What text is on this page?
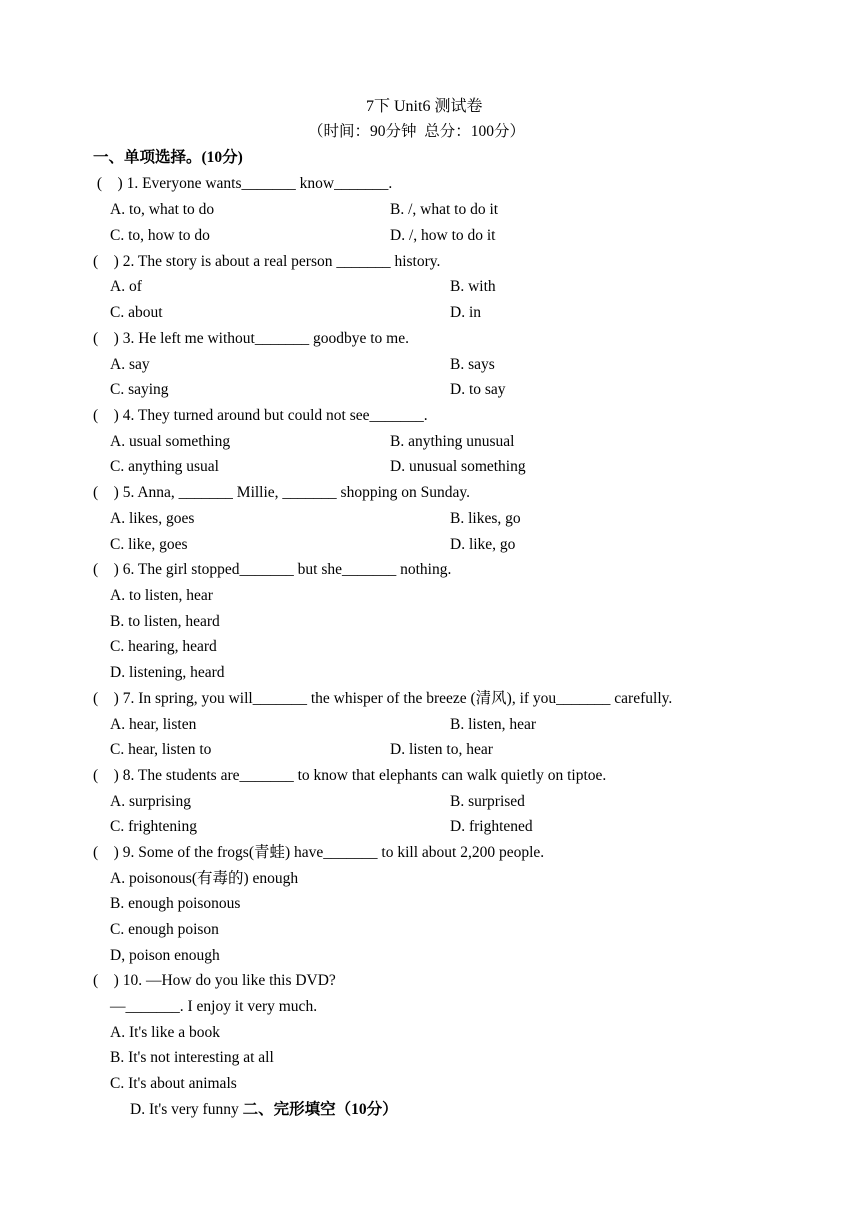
7下 Unit6 测试卷
（时间：90分钟  总分：100分）
一、单项选择。(10分)
(    ) 1. Everyone wants_______ know_______.
A. to, what to do	B. /, what to do it
C. to, how to do	D. /, how to do it
(    ) 2. The story is about a real person _______ history.
A. of	B. with
C. about	D. in
(    ) 3. He left me without_______ goodbye to me.
A. say	B. says
C. saying	D. to say
(    ) 4. They turned around but could not see_______.
A. usual something	B. anything unusual
C. anything usual	D. unusual something
(    ) 5. Anna, _______ Millie, _______ shopping on Sunday.
A. likes, goes	B. likes, go
C. like, goes	D. like, go
(    ) 6. The girl stopped_______ but she_______ nothing.
A. to listen, hear
B. to listen, heard
C. hearing, heard
D. listening, heard
(    ) 7. In spring, you will_______ the whisper of the breeze (清风), if you_______ carefully.
A. hear, listen	B. listen, hear
C. hear, listen to	D. listen to, hear
(    ) 8. The students are_______ to know that elephants can walk quietly on tiptoe.
A. surprising	B. surprised
C. frightening	D. frightened
(    ) 9. Some of the frogs(青蛙) have_______ to kill about 2,200 people.
A. poisonous(有毒的) enough
B. enough poisonous
C. enough poison
D, poison enough
(    ) 10. —How do you like this DVD?
—_______. I enjoy it very much.
A. It's like a book
B. It's not interesting at all
C. It's about animals
D. It's very funny 二、完形填空（10分）
